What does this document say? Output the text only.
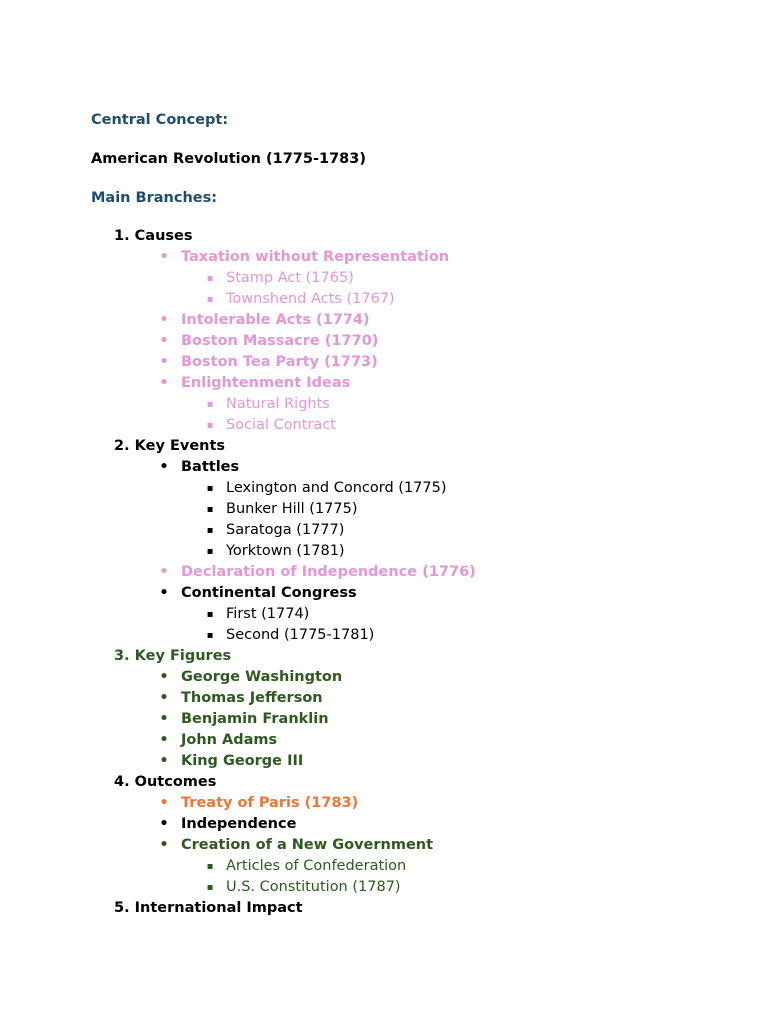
Central Concept:
American Revolution (1775-1783)
Main Branches:
1. Causes
• Taxation without Representation
▪ Stamp Act (1765)
▪ Townshend Acts (1767)
• Intolerable Acts (1774)
• Boston Massacre (1770)
• Boston Tea Party (1773)
• Enlightenment Ideas
▪ Natural Rights
▪ Social Contract
2. Key Events
• Battles
▪ Lexington and Concord (1775)
▪ Bunker Hill (1775)
▪ Saratoga (1777)
▪ Yorktown (1781)
• Declaration of Independence (1776)
• Continental Congress
▪ First (1774)
▪ Second (1775-1781)
3. Key Figures
• George Washington
• Thomas Jefferson
• Benjamin Franklin
• John Adams
• King George III
4. Outcomes
• Treaty of Paris (1783)
• Independence
• Creation of a New Government
▪ Articles of Confederation
▪ U.S. Constitution (1787)
5. International Impact
